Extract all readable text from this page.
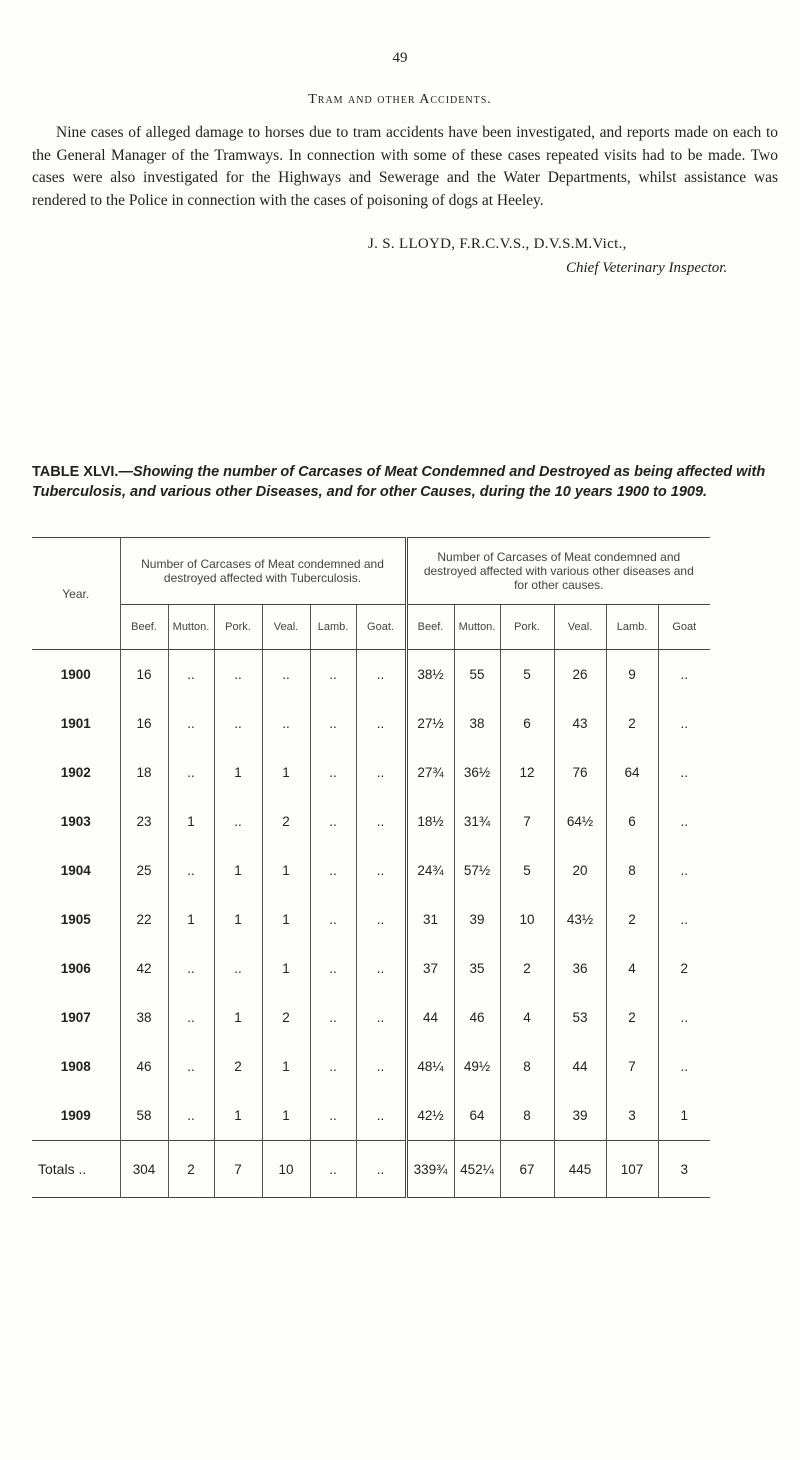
49
Tram and other Accidents.

Nine cases of alleged damage to horses due to tram accidents have been investigated, and reports made on each to the General Manager of the Tramways. In connection with some of these cases repeated visits had to be made. Two cases were also investigated for the Highways and Sewerage and the Water Departments, whilst assistance was rendered to the Police in connection with the cases of poisoning of dogs at Heeley.

J. S. LLOYD, F.R.C.V.S., D.V.S.M.Vict.,
Chief Veterinary Inspector.
TABLE XLVI.—Showing the number of Carcases of Meat Condemned and Destroyed as being affected with Tuberculosis, and various other Diseases, and for other Causes, during the 10 years 1900 to 1909.
Year.	Number of Carcases of Meat condemned and destroyed affected with Tuberculosis.						Number of Carcases of Meat condemned and destroyed affected with various other diseases and for other causes.					
	Beef.	Mutton.	Pork.	Veal.	Lamb.	Goat.	Beef.	Mutton.	Pork.	Veal.	Lamb.	Goat
1900	16	..	..	..	..	..	38½	55	5	26	9	..
1901	16	..	..	..	..	..	27½	38	6	43	2	..
1902	18	..	1	1	..	..	27¾	36½	12	76	64	..
1903	23	1	..	2	..	..	18½	31¾	7	64½	6	..
1904	25	..	1	1	..	..	24¾	57½	5	20	8	..
1905	22	1	1	1	..	..	31	39	10	43½	2	..
1906	42	..	..	1	..	..	37	35	2	36	4	2
1907	38	..	1	2	..	..	44	46	4	53	2	..
1908	46	..	2	1	..	..	48¼	49½	8	44	7	..
1909	58	..	1	1	..	..	42½	64	8	39	3	1
Totals ..	304	2	7	10	..	..	339¾	452¼	67	445	107	3
